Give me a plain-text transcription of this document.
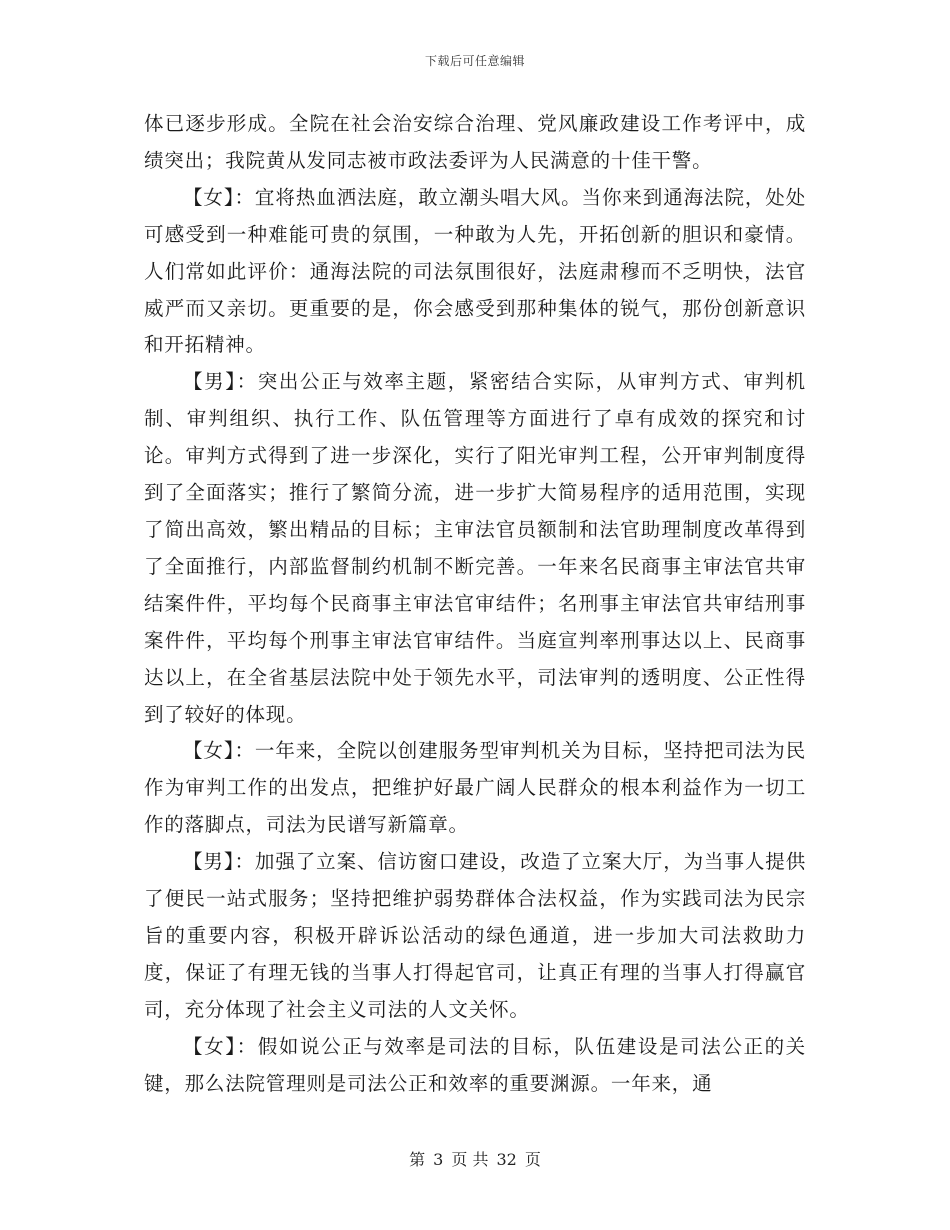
下载后可任意编辑

体已逐步形成。全院在社会治安综合治理、党风廉政建设工作考评中，成绩突出；我院黄从发同志被市政法委评为人民满意的十佳干警。

【女】：宜将热血洒法庭，敢立潮头唱大风。当你来到通海法院，处处可感受到一种难能可贵的氛围，一种敢为人先，开拓创新的胆识和豪情。人们常如此评价：通海法院的司法氛围很好，法庭肃穆而不乏明快，法官威严而又亲切。更重要的是，你会感受到那种集体的锐气，那份创新意识和开拓精神。

【男】：突出公正与效率主题，紧密结合实际，从审判方式、审判机制、审判组织、执行工作、队伍管理等方面进行了卓有成效的探究和讨论。审判方式得到了进一步深化，实行了阳光审判工程，公开审判制度得到了全面落实；推行了繁简分流，进一步扩大简易程序的适用范围，实现了简出高效，繁出精品的目标；主审法官员额制和法官助理制度改革得到了全面推行，内部监督制约机制不断完善。一年来名民商事主审法官共审结案件件，平均每个民商事主审法官审结件；名刑事主审法官共审结刑事案件件，平均每个刑事主审法官审结件。当庭宣判率刑事达以上、民商事达以上，在全省基层法院中处于领先水平，司法审判的透明度、公正性得到了较好的体现。

【女】：一年来，全院以创建服务型审判机关为目标，坚持把司法为民作为审判工作的出发点，把维护好最广阔人民群众的根本利益作为一切工作的落脚点，司法为民谱写新篇章。

【男】：加强了立案、信访窗口建设，改造了立案大厅，为当事人提供了便民一站式服务；坚持把维护弱势群体合法权益，作为实践司法为民宗旨的重要内容，积极开辟诉讼活动的绿色通道，进一步加大司法救助力度，保证了有理无钱的当事人打得起官司，让真正有理的当事人打得赢官司，充分体现了社会主义司法的人文关怀。

【女】：假如说公正与效率是司法的目标，队伍建设是司法公正的关键，那么法院管理则是司法公正和效率的重要渊源。一年来，通

第 3 页 共 32 页
